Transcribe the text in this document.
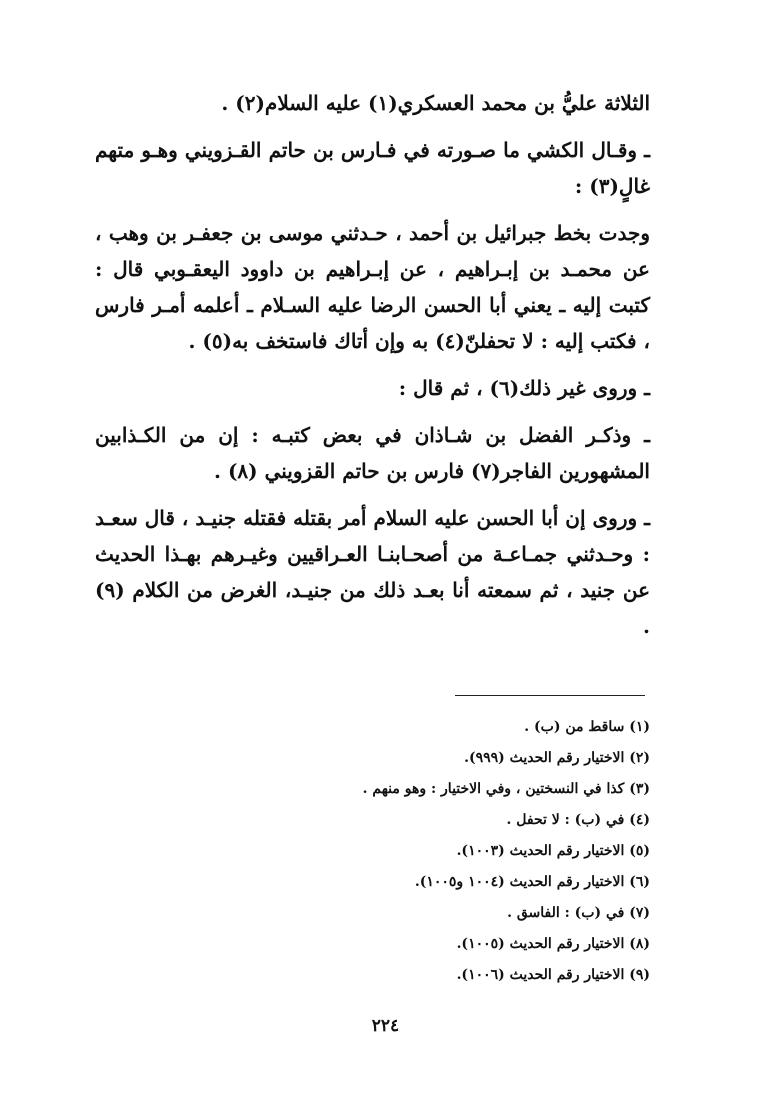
الثلاثة عليُّ بن محمد العسكري(١) عليه السلام(٢) .

ـ وقـال الكشي ما صـورته في فـارس بن حاتم القـزويني وهـو متهم غالٍ(٣) :

وجدت بخط جبرائيل بن أحمد ، حـدثني موسى بن جعفـر بن وهب ، عن محمـد بن إبـراهيم ، عن إبـراهيم بن داوود اليعقـوبي قال : كتبت إليه ـ يعني أبا الحسن الرضا عليه السـلام ـ أعلمه أمـر فارس ، فكتب إليه : لا تحفلنّ(٤) به وإن أتاك فاستخف به(٥) .

ـ وروى غير ذلك(٦) ، ثم قال :

ـ وذكـر الفضل بن شـاذان في بعض كتبـه : إن من الكـذابين المشهورين الفاجر(٧) فارس بن حاتم القزويني (٨) .

ـ وروى إن أبا الحسن عليه السلام أمر بقتله فقتله جنيـد ، قال سعـد : وحـدثني جمـاعـة من أصحـابنـا العـراقيين وغيـرهم بهـذا الحديث عن جنيد ، ثم سمعته أنا بعـد ذلك من جنيـد، الغرض من الكلام (٩) .

(١) ساقط من (ب) .
(٢) الاختيار رقم الحديث (٩٩٩).
(٣) كذا في النسختين ، وفي الاختيار : وهو منهم .
(٤) في (ب) : لا تحفل .
(٥) الاختيار رقم الحديث (١٠٠٣).
(٦) الاختيار رقم الحديث (١٠٠٤ و١٠٠٥).
(٧) في (ب) : الفاسق .
(٨) الاختيار رقم الحديث (١٠٠٥).
(٩) الاختيار رقم الحديث (١٠٠٦).
٢٢٤
